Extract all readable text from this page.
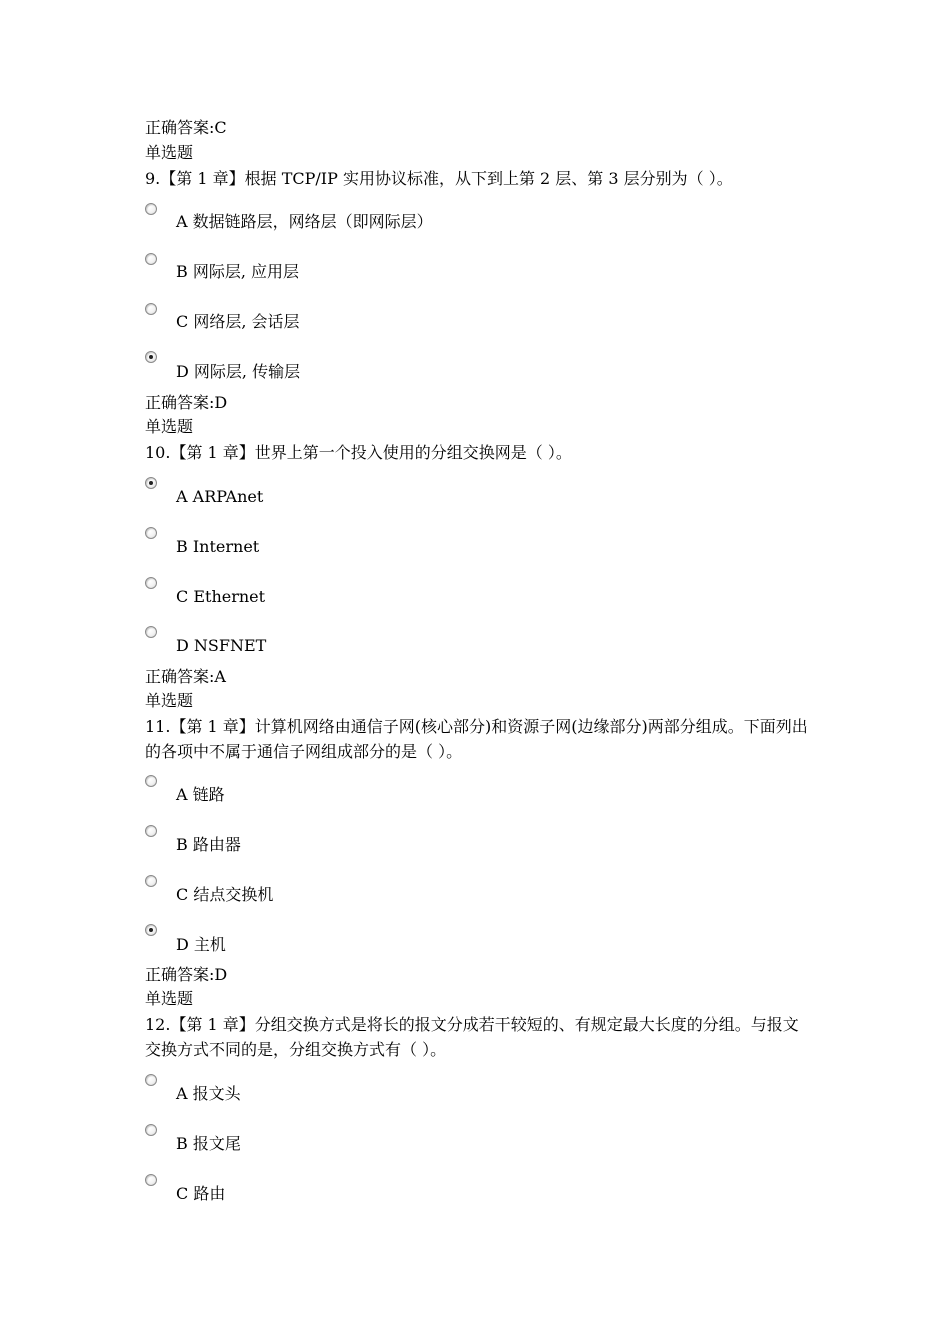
正确答案:C
单选题
9.【第 1 章】根据 TCP/IP 实用协议标准，从下到上第 2 层、第 3 层分别为（ ）。
A 数据链路层，网络层（即网际层）
B 网际层, 应用层
C 网络层, 会话层
D 网际层, 传输层
正确答案:D
单选题
10.【第 1 章】世界上第一个投入使用的分组交换网是（ ）。
A ARPAnet
B Internet
C Ethernet
D NSFNET
正确答案:A
单选题
11.【第 1 章】计算机网络由通信子网(核心部分)和资源子网(边缘部分)两部分组成。下面列出的各项中不属于通信子网组成部分的是（ ）。
A 链路
B 路由器
C 结点交换机
D 主机
正确答案:D
单选题
12.【第 1 章】分组交换方式是将长的报文分成若干较短的、有规定最大长度的分组。与报文交换方式不同的是，分组交换方式有（ ）。
A 报文头
B 报文尾
C 路由
